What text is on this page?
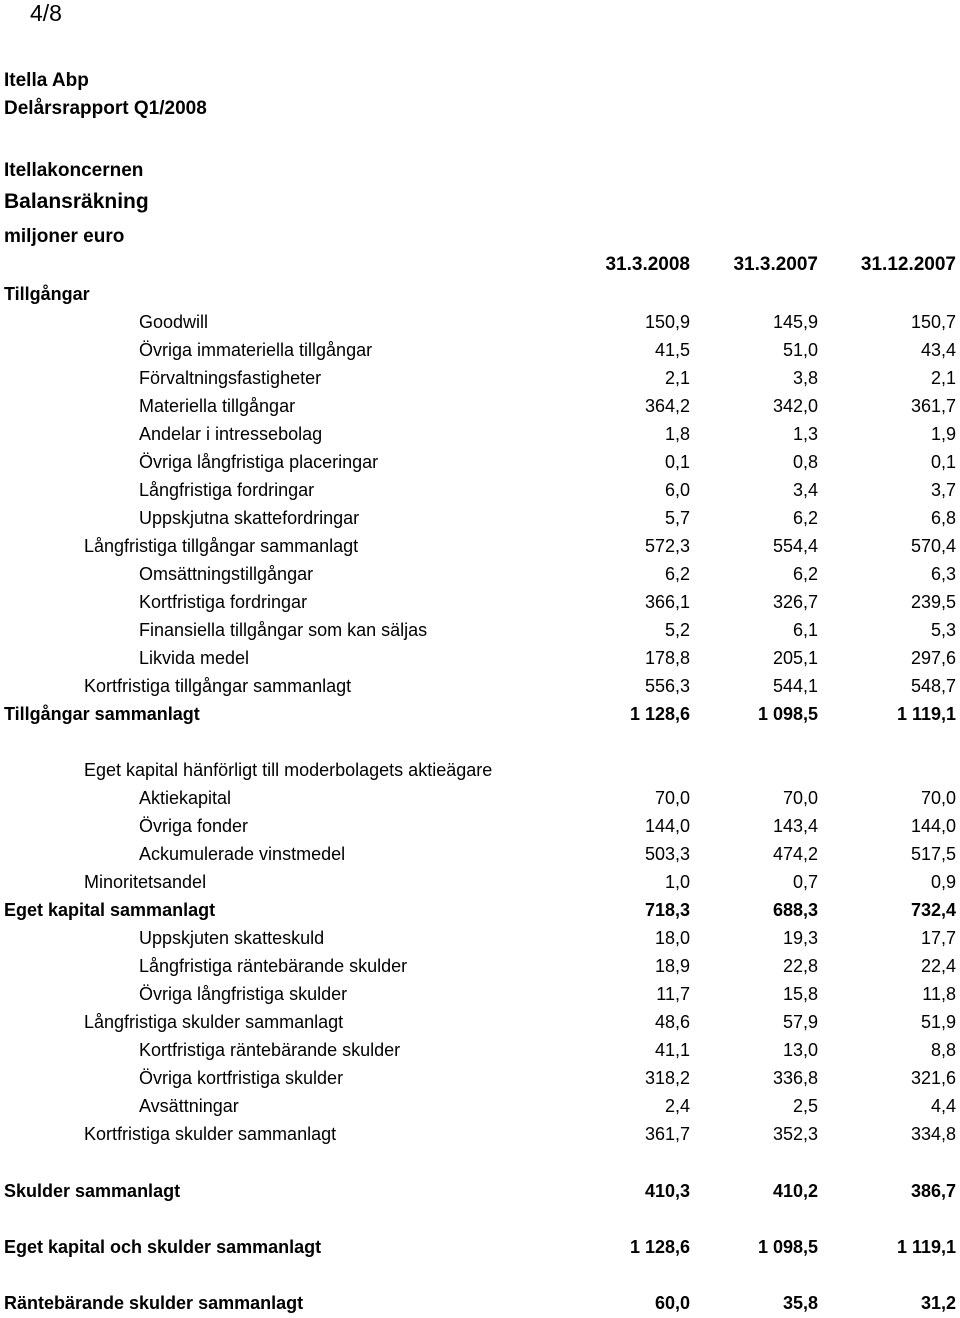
4/8
Itella Abp
Delårsrapport Q1/2008
Itellakoncernen
Balansräkning
miljoner euro
31.3.2008	31.3.2007	31.12.2007
Tillgångar
Goodwill	150,9	145,9	150,7
Övriga immateriella tillgångar	41,5	51,0	43,4
Förvaltningsfastigheter	2,1	3,8	2,1
Materiella tillgångar	364,2	342,0	361,7
Andelar i intressebolag	1,8	1,3	1,9
Övriga långfristiga placeringar	0,1	0,8	0,1
Långfristiga fordringar	6,0	3,4	3,7
Uppskjutna skattefordringar	5,7	6,2	6,8
Långfristiga tillgångar sammanlagt	572,3	554,4	570,4
Omsättningstillgångar	6,2	6,2	6,3
Kortfristiga fordringar	366,1	326,7	239,5
Finansiella tillgångar som kan säljas	5,2	6,1	5,3
Likvida medel	178,8	205,1	297,6
Kortfristiga tillgångar sammanlagt	556,3	544,1	548,7
Tillgångar sammanlagt	1 128,6	1 098,5	1 119,1
Eget kapital hänförligt till moderbolagets aktieägare
Aktiekapital	70,0	70,0	70,0
Övriga fonder	144,0	143,4	144,0
Ackumulerade vinstmedel	503,3	474,2	517,5
Minoritetsandel	1,0	0,7	0,9
Eget kapital sammanlagt	718,3	688,3	732,4
Uppskjuten skatteskuld	18,0	19,3	17,7
Långfristiga räntebärande skulder	18,9	22,8	22,4
Övriga långfristiga skulder	11,7	15,8	11,8
Långfristiga skulder sammanlagt	48,6	57,9	51,9
Kortfristiga räntebärande skulder	41,1	13,0	8,8
Övriga kortfristiga skulder	318,2	336,8	321,6
Avsättningar	2,4	2,5	4,4
Kortfristiga skulder sammanlagt	361,7	352,3	334,8
Skulder sammanlagt	410,3	410,2	386,7
Eget kapital och skulder sammanlagt	1 128,6	1 098,5	1 119,1
Räntebärande skulder sammanlagt	60,0	35,8	31,2
